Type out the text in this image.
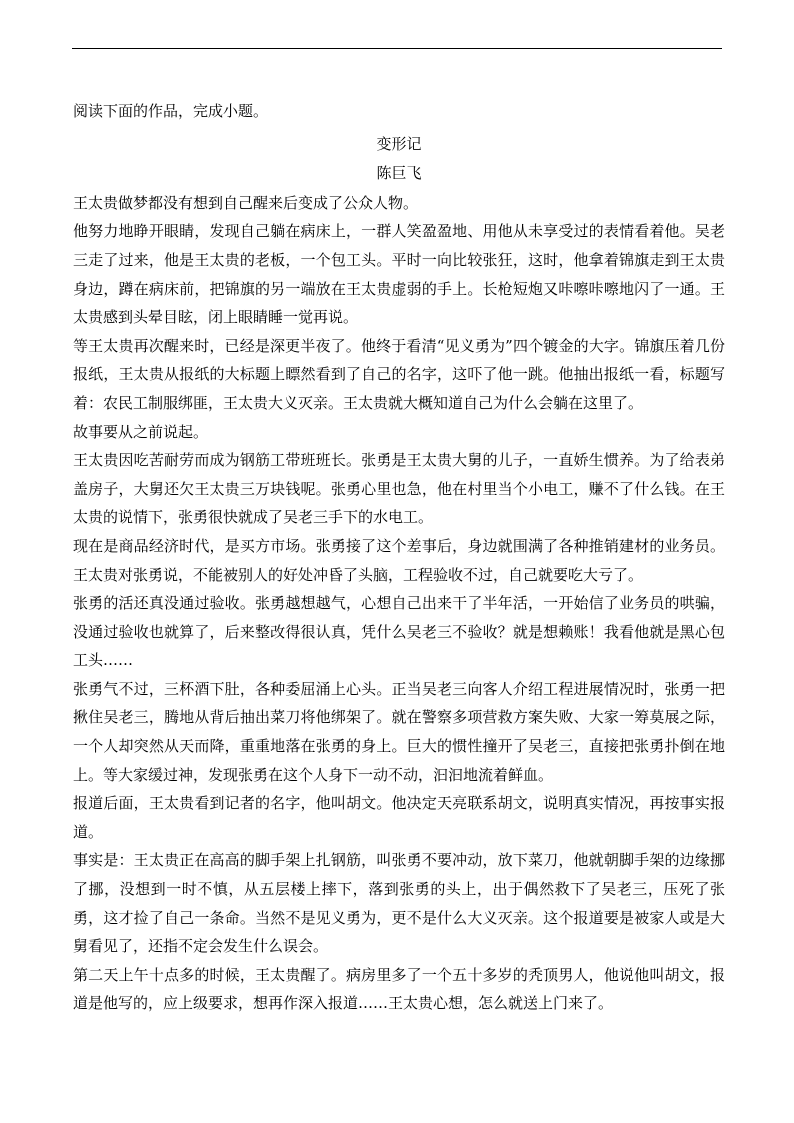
阅读下面的作品，完成小题。

变形记

陈巨飞

王太贵做梦都没有想到自己醒来后变成了公众人物。

他努力地睁开眼睛，发现自己躺在病床上，一群人笑盈盈地、用他从未享受过的表情看着他。吴老三走了过来，他是王太贵的老板，一个包工头。平时一向比较张狂，这时，他拿着锦旗走到王太贵身边，蹲在病床前，把锦旗的另一端放在王太贵虚弱的手上。长枪短炮又咔嚓咔嚓地闪了一通。王太贵感到头晕目眩，闭上眼睛睡一觉再说。

等王太贵再次醒来时，已经是深更半夜了。他终于看清“见义勇为”四个镀金的大字。锦旗压着几份报纸，王太贵从报纸的大标题上瞟然看到了自己的名字，这吓了他一跳。他抽出报纸一看，标题写着：农民工制服绑匪，王太贵大义灭亲。王太贵就大概知道自己为什么会躺在这里了。

故事要从之前说起。

王太贵因吃苦耐劳而成为钢筋工带班班长。张勇是王太贵大舅的儿子，一直娇生惯养。为了给表弟盖房子，大舅还欠王太贵三万块钱呢。张勇心里也急，他在村里当个小电工，赚不了什么钱。在王太贵的说情下，张勇很快就成了吴老三手下的水电工。

现在是商品经济时代，是买方市场。张勇接了这个差事后，身边就围满了各种推销建材的业务员。王太贵对张勇说，不能被别人的好处冲昏了头脑，工程验收不过，自己就要吃大亏了。

张勇的活还真没通过验收。张勇越想越气，心想自己出来干了半年活，一开始信了业务员的哄骗，没通过验收也就算了，后来整改得很认真，凭什么吴老三不验收？就是想赖账！我看他就是黑心包工头……

张勇气不过，三杯酒下肚，各种委屈涌上心头。正当吴老三向客人介绍工程进展情况时，张勇一把揪住吴老三，腾地从背后抽出菜刀将他绑架了。就在警察多项营救方案失败、大家一筹莫展之际，一个人却突然从天而降，重重地落在张勇的身上。巨大的惯性撞开了吴老三，直接把张勇扑倒在地上。等大家缓过神，发现张勇在这个人身下一动不动，汩汩地流着鲜血。

报道后面，王太贵看到记者的名字，他叫胡文。他决定天亮联系胡文，说明真实情况，再按事实报道。

事实是：王太贵正在高高的脚手架上扎钢筋，叫张勇不要冲动，放下菜刀，他就朝脚手架的边缘挪了挪，没想到一时不慎，从五层楼上摔下，落到张勇的头上，出于偶然救下了吴老三，压死了张勇，这才捡了自己一条命。当然不是见义勇为，更不是什么大义灭亲。这个报道要是被家人或是大舅看见了，还指不定会发生什么误会。

第二天上午十点多的时候，王太贵醒了。病房里多了一个五十多岁的秃顶男人，他说他叫胡文，报道是他写的，应上级要求，想再作深入报道……王太贵心想，怎么就送上门来了。
